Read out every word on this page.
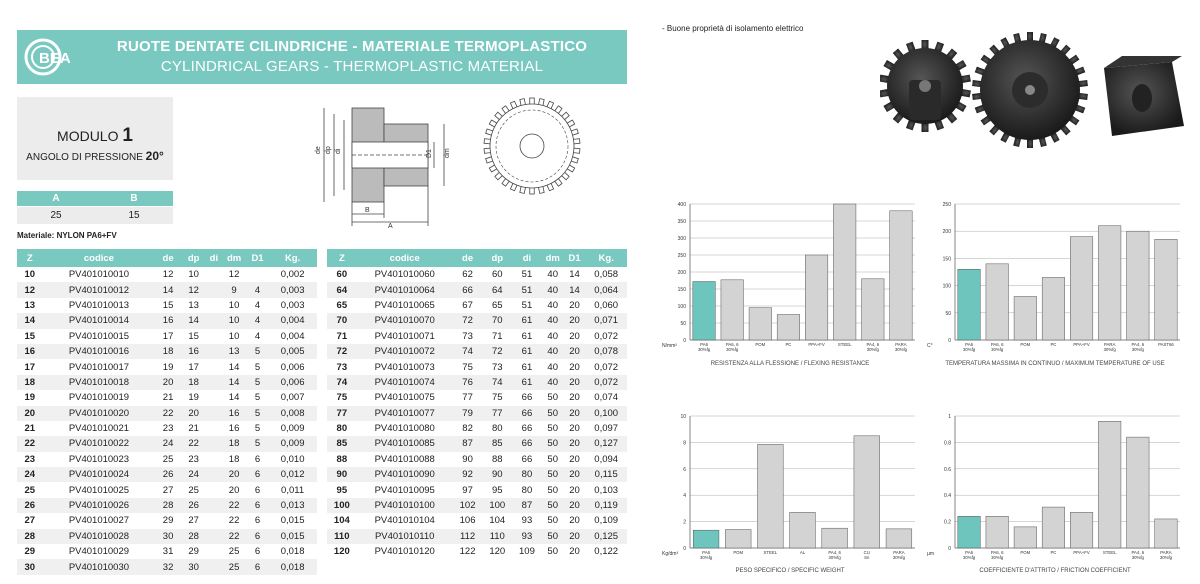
BEA
RUOTE DENTATE CILINDRICHE - MATERIALE TERMOPLASTICO
CYLINDRICAL GEARS - THERMOPLASTIC MATERIAL
MODULO 1
ANGOLO DI PRESSIONE 20°
A	B
25	15
Materiale: NYLON PA6+FV
de dp di	D1 dm
B
A
Z	codice	de	dp	di	dm	D1	Kg.
10	PV401010010	12	10		12		0,002
12	PV401010012	14	12		9	4	0,003
13	PV401010013	15	13		10	4	0,003
14	PV401010014	16	14		10	4	0,004
15	PV401010015	17	15		10	4	0,004
16	PV401010016	18	16		13	5	0,005
17	PV401010017	19	17		14	5	0,006
18	PV401010018	20	18		14	5	0,006
19	PV401010019	21	19		14	5	0,007
20	PV401010020	22	20		16	5	0,008
21	PV401010021	23	21		16	5	0,009
22	PV401010022	24	22		18	5	0,009
23	PV401010023	25	23		18	6	0,010
24	PV401010024	26	24		20	6	0,012
25	PV401010025	27	25		20	6	0,011
26	PV401010026	28	26		22	6	0,013
27	PV401010027	29	27		22	6	0,015
28	PV401010028	30	28		22	6	0,015
29	PV401010029	31	29		25	6	0,018
30	PV401010030	32	30		25	6	0,018
Z	codice	de	dp	di	dm	D1	Kg.
60	PV401010060	62	60	51	40	14	0,058
64	PV401010064	66	64	51	40	14	0,064
65	PV401010065	67	65	51	40	20	0,060
70	PV401010070	72	70	61	40	20	0,071
71	PV401010071	73	71	61	40	20	0,072
72	PV401010072	74	72	61	40	20	0,078
73	PV401010073	75	73	61	40	20	0,072
74	PV401010074	76	74	61	40	20	0,072
75	PV401010075	77	75	66	50	20	0,074
77	PV401010077	79	77	66	50	20	0,100
80	PV401010080	82	80	66	50	20	0,097
85	PV401010085	87	85	66	50	20	0,127
88	PV401010088	90	88	66	50	20	0,094
90	PV401010090	92	90	80	50	20	0,115
95	PV401010095	97	95	80	50	20	0,103
100	PV401010100	102	100	87	50	20	0,119
104	PV401010104	106	104	93	50	20	0,109
110	PV401010110	112	110	93	50	20	0,125
120	PV401010120	122	120	109	50	20	0,122
- Buone proprietà di isolamento elettrico
0
50
100
150
200
250
300
350
400
PA6
30%fg
PA6, 6
30%fg
POM	PC	PPA+FV	STEEL	PA4, 6
30%fg
PARA
30%fg
N/mm²
RESISTENZA ALLA FLESSIONE / FLEXING RESISTANCE
0
50
100
150
200
250
PA6
30%fg
PA6, 6
30%fg
POM	PC	PPA+FV	PARA
30%fg
PA4, 6
30%fg
PAST66
C°
TEMPERATURA MASSIMA IN CONTINUO / MAXIMUM TEMPERATURE OF USE
0
2
4
6
8
10
PA6
30%fg
POM	STEEL	AL	PA4, 6
30%fg
CU
Sn
PARA
30%fg
Kg/dm³
PESO SPECIFICO / SPECIFIC WEIGHT
0
0.2
0.4
0.6
0.8
1
PA6
30%fg
PA6, 6
30%fg
POM	PC	PPA+FV	STEEL	PA4, 6
30%fg
PARA
30%fg
μm
COEFFICIENTE D'ATTRITO / FRICTION COEFFICIENT
